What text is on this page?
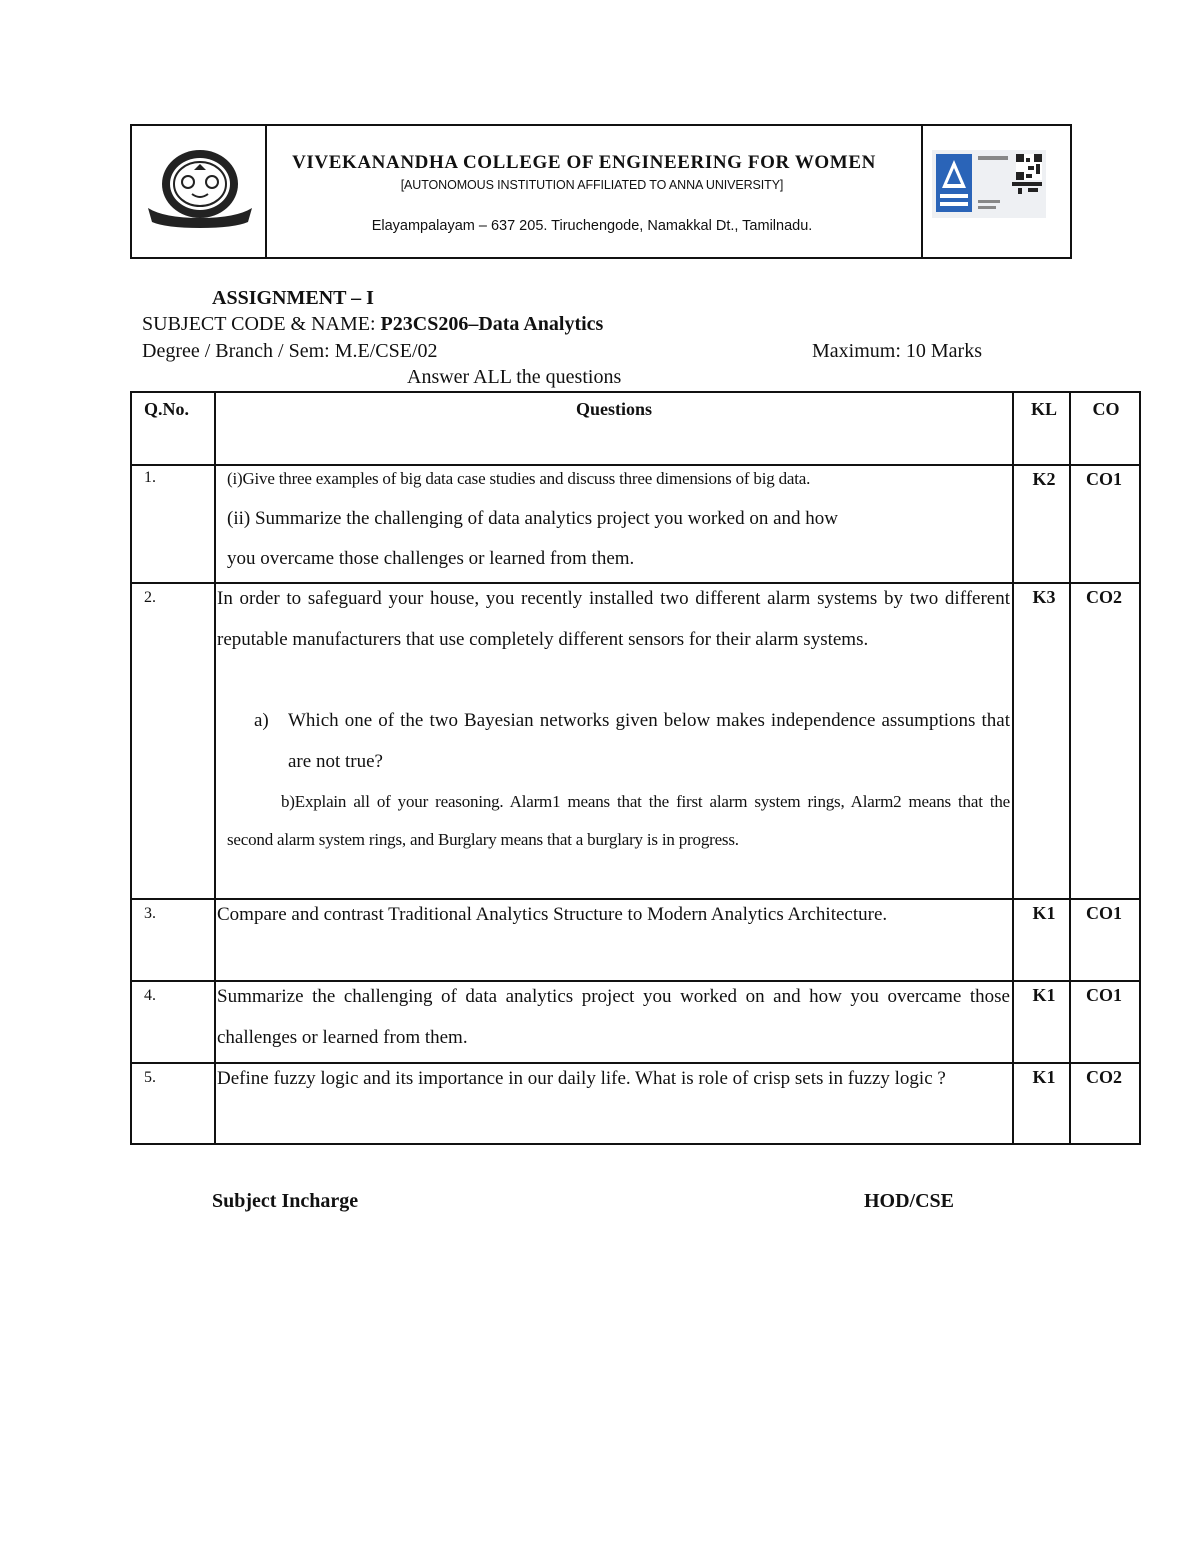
VIVEKANANDHA COLLEGE OF ENGINEERING FOR WOMEN
[AUTONOMOUS INSTITUTION AFFILIATED TO ANNA UNIVERSITY]
Elayampalayam – 637 205. Tiruchengode, Namakkal Dt., Tamilnadu.
ASSIGNMENT – I
SUBJECT CODE & NAME: P23CS206–Data Analytics
Degree / Branch / Sem: M.E/CSE/02	Maximum: 10 Marks
Answer ALL the questions
Q.No.	Questions	KL	CO
1.	(i)Give three examples of big data case studies and discuss three dimensions of big data.
(ii) Summarize the challenging of data analytics project you worked on and how
you overcame those challenges or learned from them.
K2 CO1
2.	In order to safeguard your house, you recently installed two different alarm systems by two different reputable manufacturers that use completely different sensors for their alarm systems.
a)	Which one of the two Bayesian networks given below makes independence assumptions that are not true?
b)Explain all of your reasoning. Alarm1 means that the first alarm system rings, Alarm2 means that the second alarm system rings, and Burglary means that a burglary is in progress.
K3 CO2
3.	Compare and contrast Traditional Analytics Structure to Modern Analytics Architecture.	K1 CO1
4.	Summarize the challenging of data analytics project you worked on and how you overcame those challenges or learned from them.
K1 CO1
5.	Define fuzzy logic and its importance in our daily life. What is role of crisp sets in fuzzy logic ?	K1 CO2
Subject Incharge	HOD/CSE
